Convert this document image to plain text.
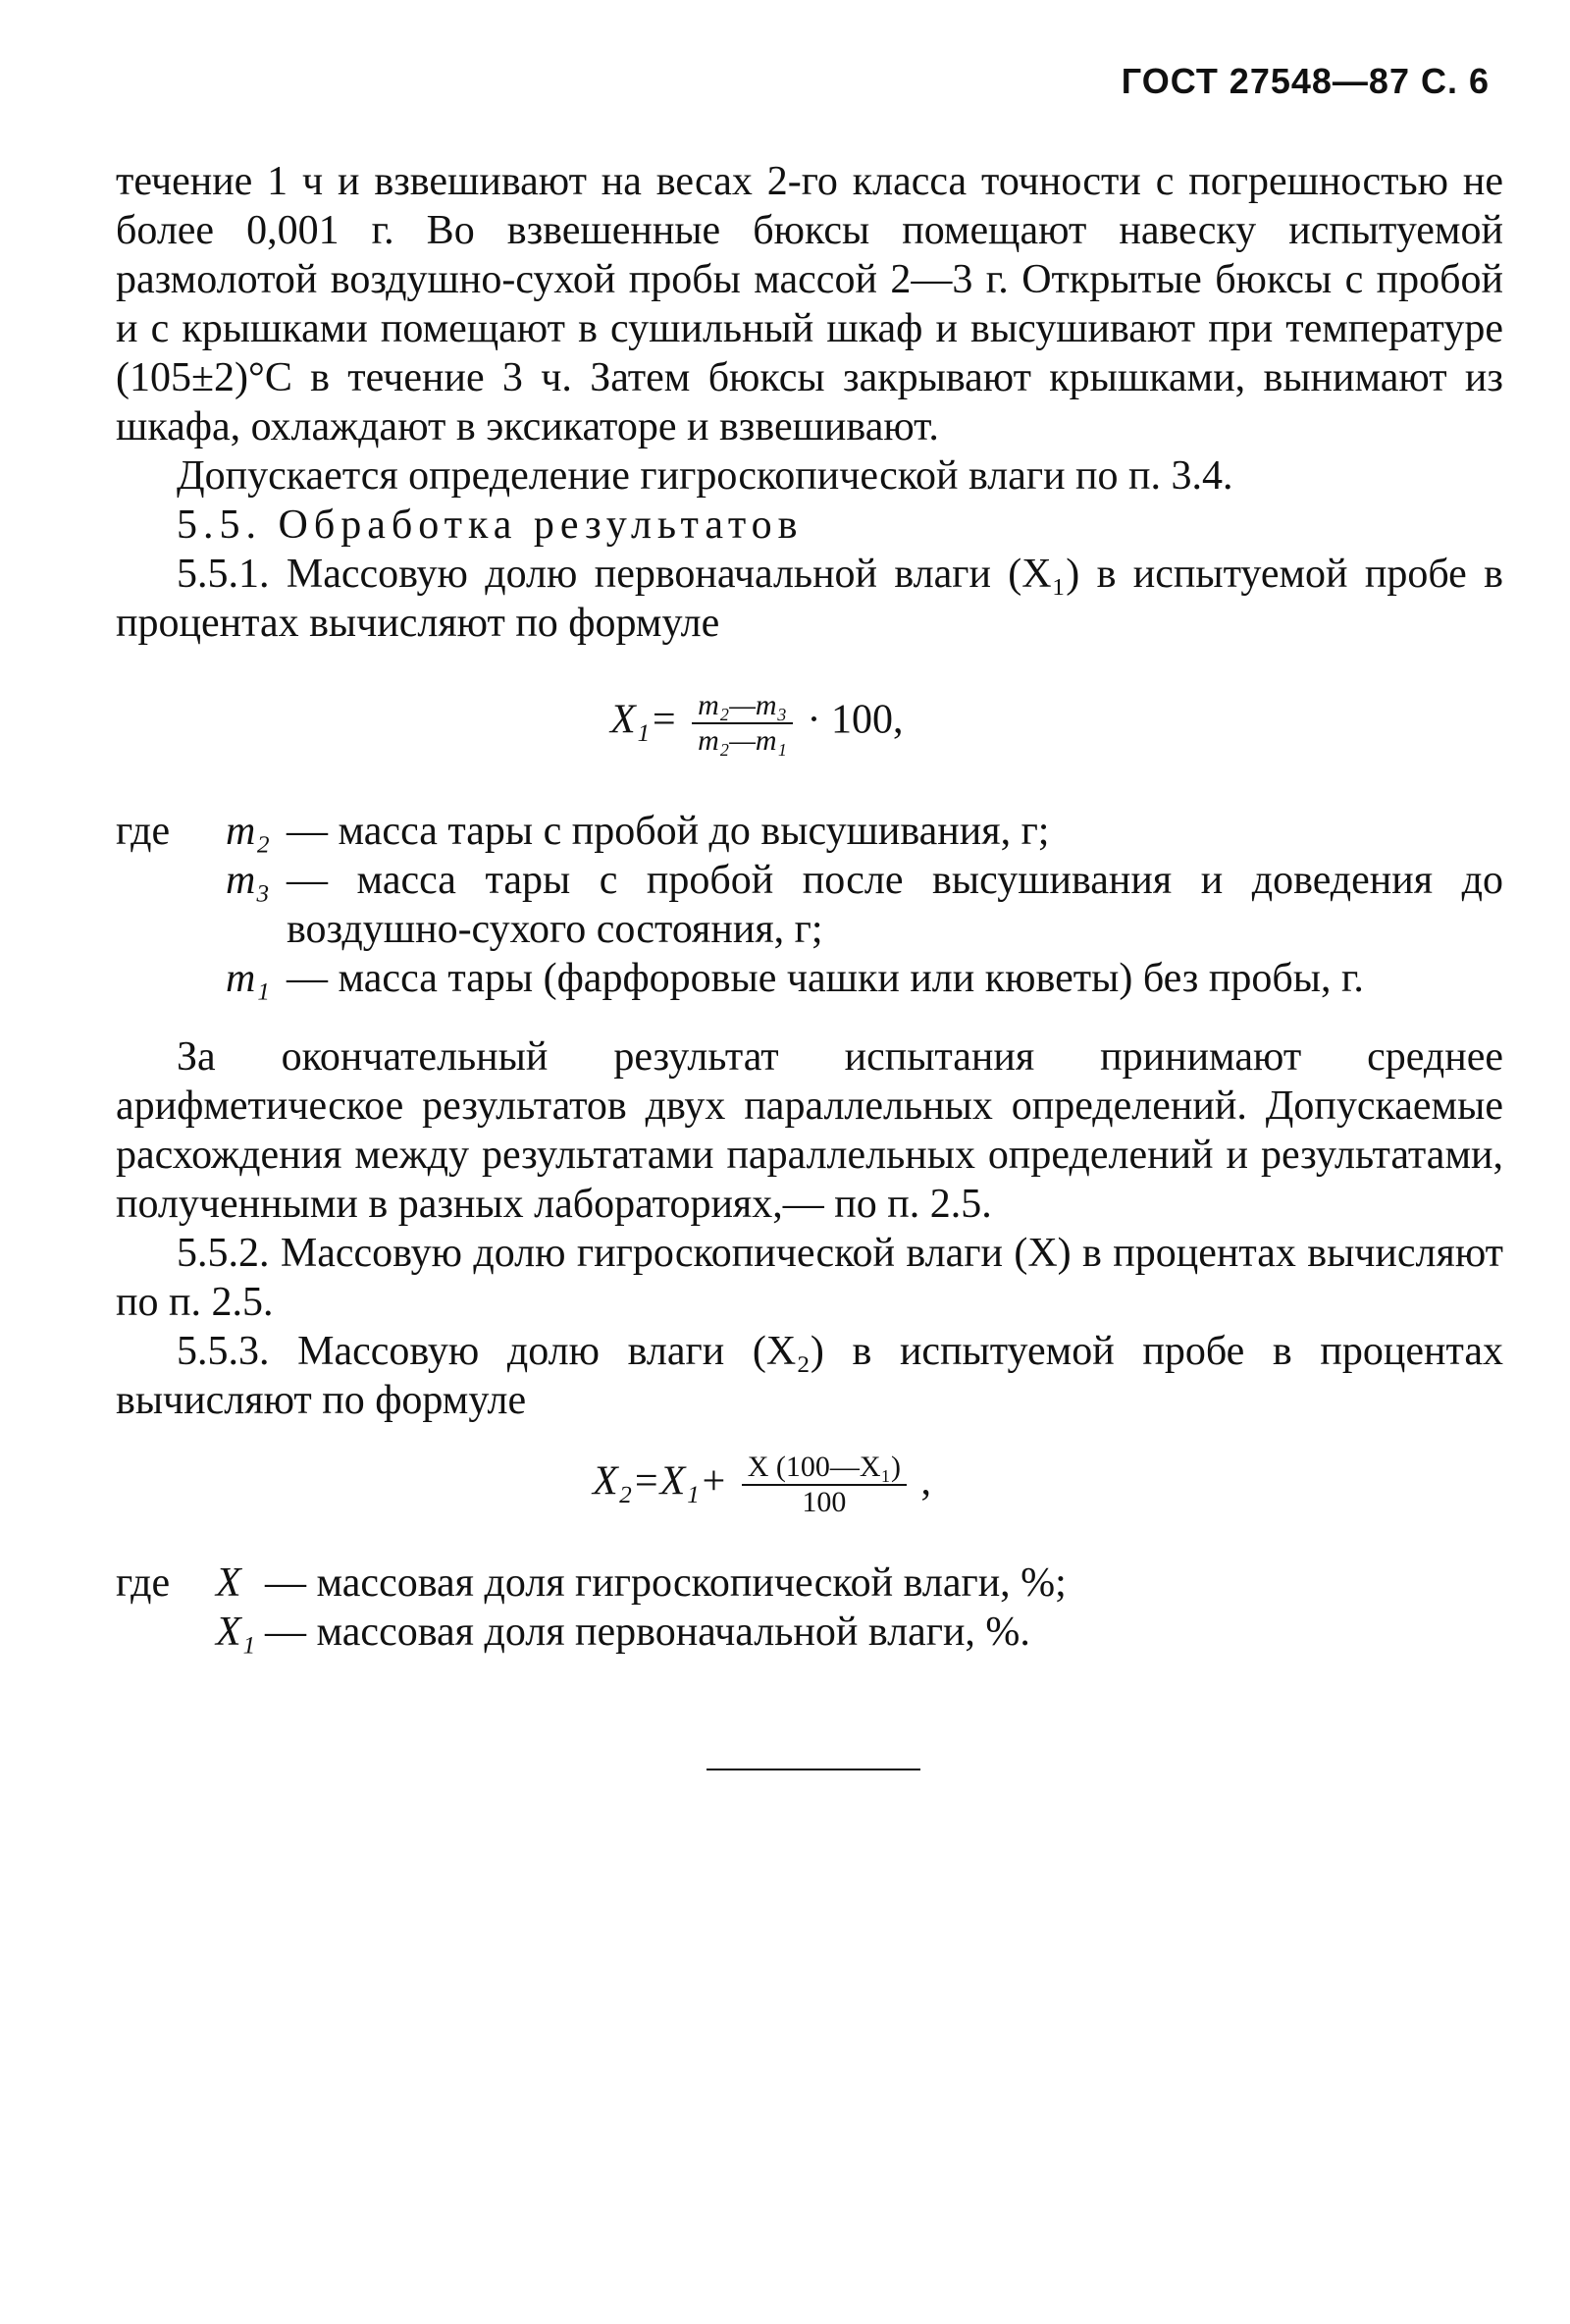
ГОСТ 27548—87 С. 6

течение 1 ч и взвешивают на весах 2-го класса точности с погрешностью не более 0,001 г. Во взвешенные бюксы помещают навеску испытуемой размолотой воздушно-сухой пробы массой 2—3 г. Открытые бюксы с пробой и с крышками помещают в сушильный шкаф и высушивают при температуре (105±2)°С в течение 3 ч. Затем бюксы закрывают крышками, вынимают из шкафа, охлаждают в эксикаторе и взвешивают.

Допускается определение гигроскопической влаги по п. 3.4.

5.5. Обработка результатов

5.5.1. Массовую долю первоначальной влаги (X₁) в испытуемой пробе в процентах вычисляют по формуле

$X_1= \frac{\text{m₂—m₃}}{\text{m₂—m₁}} \cdot 100$,
где	m₂ — масса тары с пробой до высушивания, г;
m₃ — масса тары с пробой после высушивания и доведения до воздушно-сухого состояния, г;
m₁ — масса тары (фарфоровые чашки или кюветы) без пробы, г.

За окончательный результат испытания принимают среднее арифметическое результатов двух параллельных определений. Допускаемые расхождения между результатами параллельных определений и результатами, полученными в разных лабораториях,— по п. 2.5.

5.5.2. Массовую долю гигроскопической влаги (X) в процентах вычисляют по п. 2.5.

5.5.3. Массовую долю влаги (X₂) в испытуемой пробе в процентах вычисляют по формуле

$X_2=X_1+ \frac{\text{X (100—X₁)}}{100}$ ,
где	X — массовая доля гигроскопической влаги, %;
X₁ — массовая доля первоначальной влаги, %.
